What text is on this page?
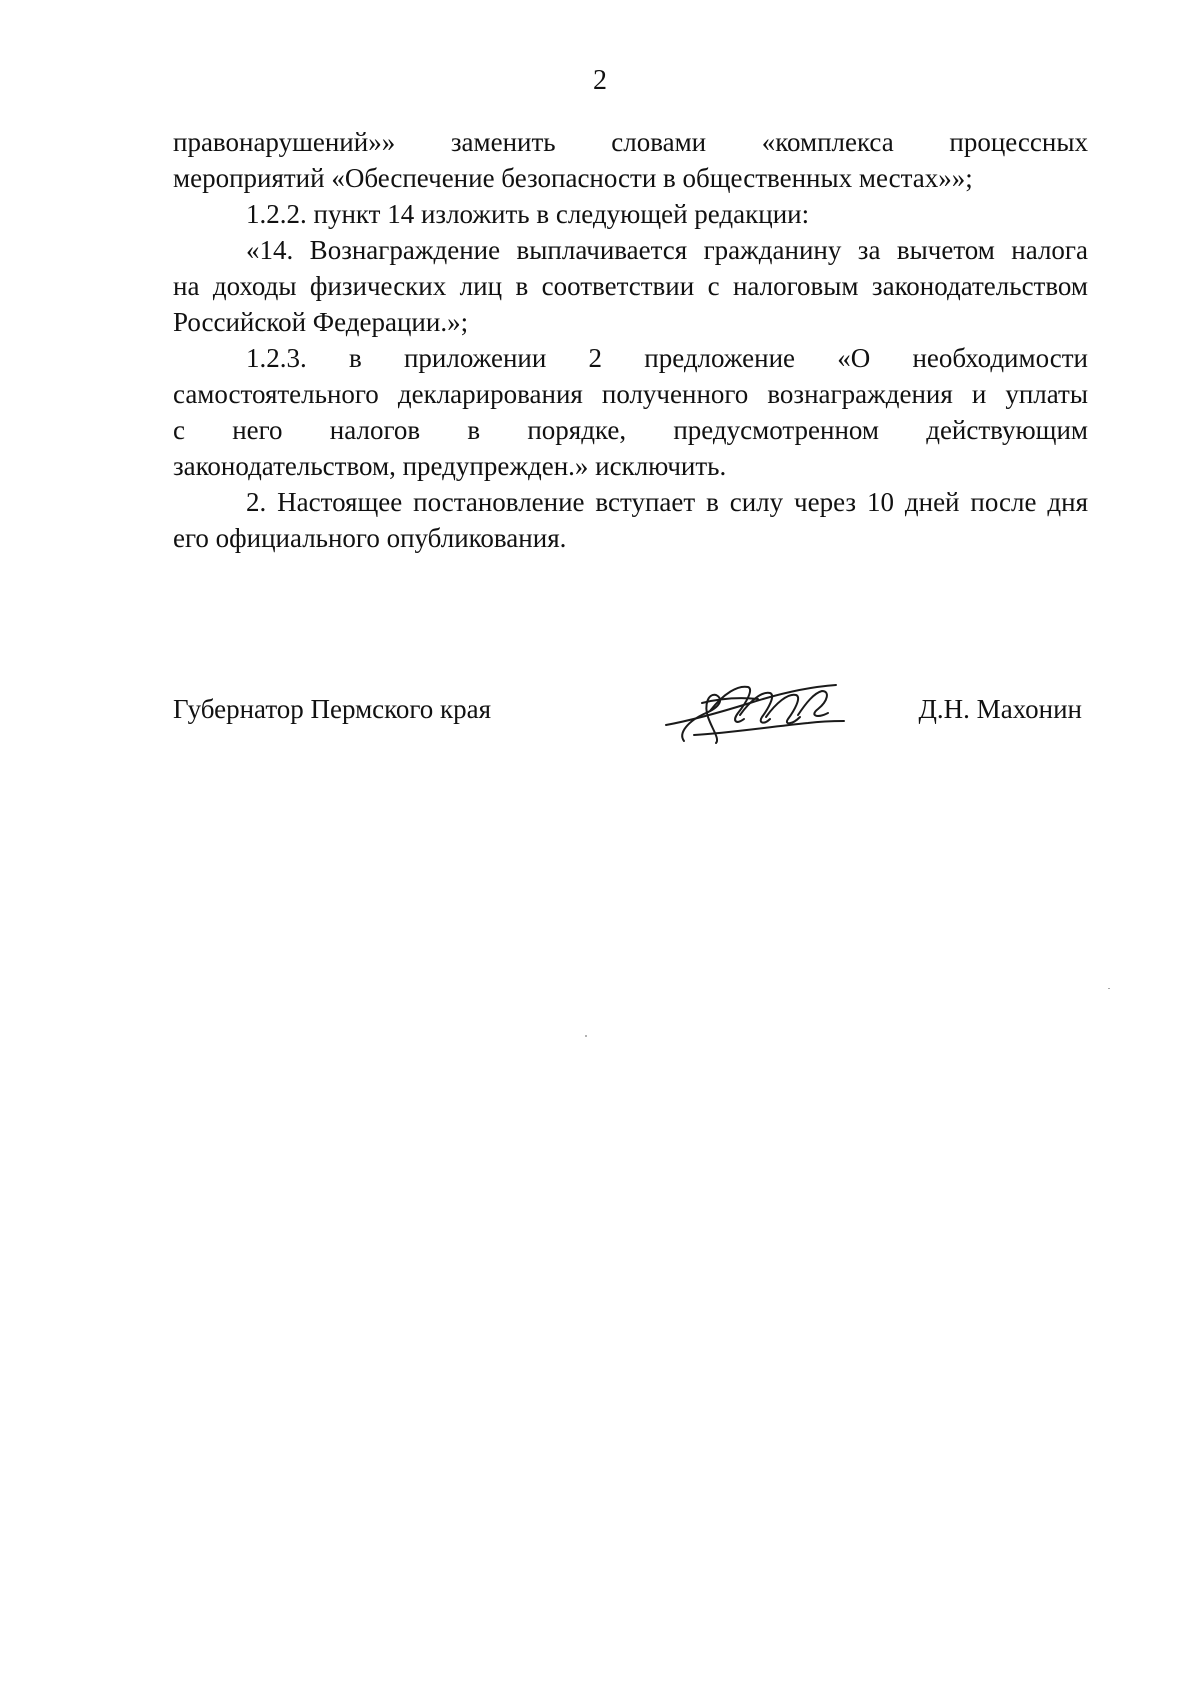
2

правонарушений»» заменить словами «комплекса процессных
мероприятий «Обеспечение безопасности в общественных местах»»;

1.2.2. пункт 14 изложить в следующей редакции:

«14. Вознаграждение выплачивается гражданину за вычетом налога
на доходы физических лиц в соответствии с налоговым законодательством
Российской Федерации.»;

1.2.3. в приложении 2 предложение «О необходимости
самостоятельного декларирования полученного вознаграждения и уплаты
с него налогов в порядке, предусмотренном действующим
законодательством, предупрежден.» исключить.

2. Настоящее постановление вступает в силу через 10 дней после дня
его официального опубликования.

Губернатор Пермского края	Д.Н. Махонин
